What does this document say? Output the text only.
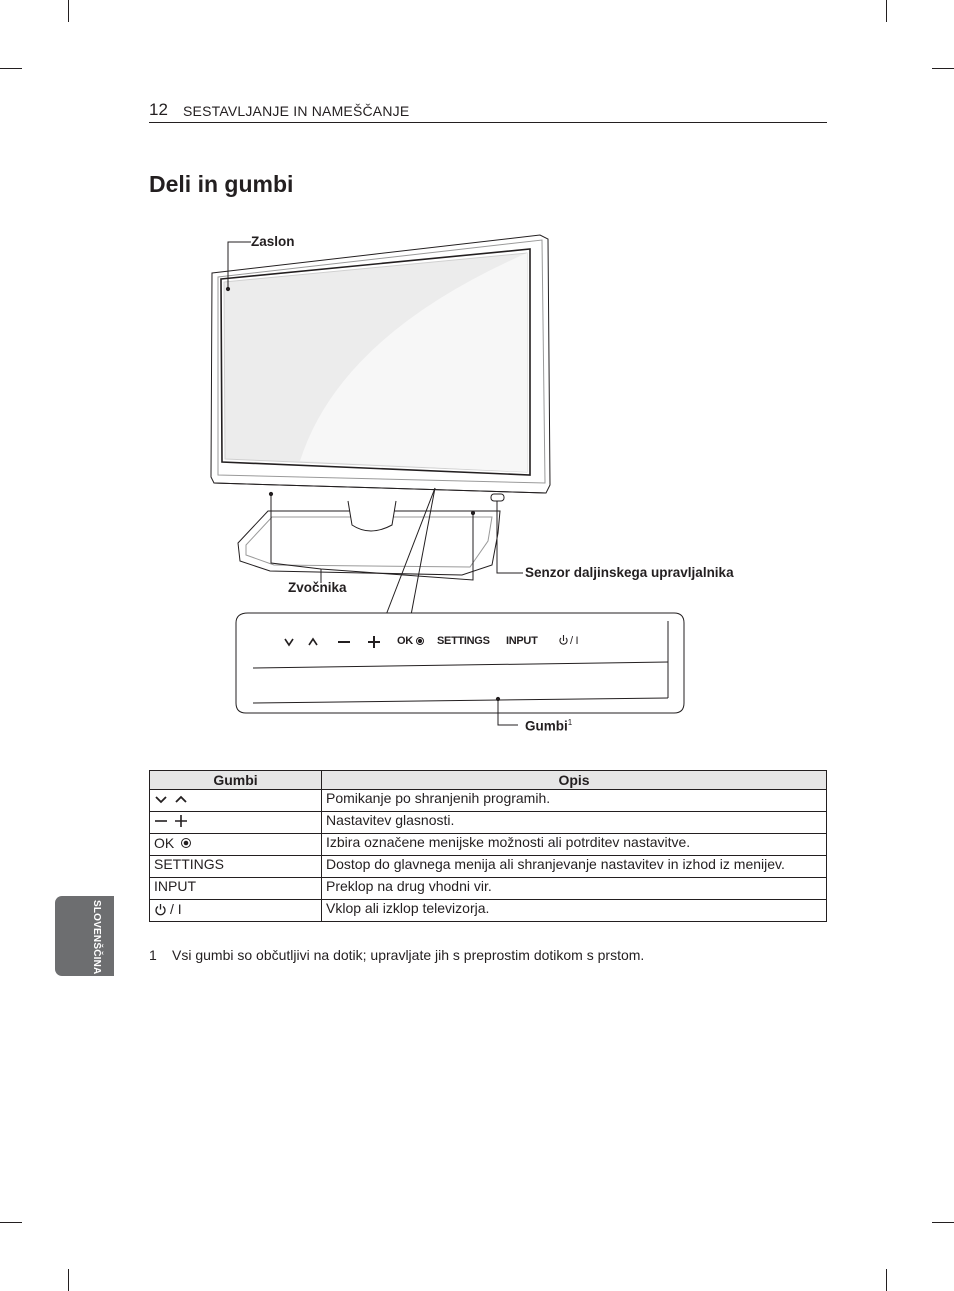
12 SESTAVLJANJE IN NAMEŠČANJE
Deli in gumbi
Zaslon
Zvočnika
Senzor daljinskega upravljalnika
Gumbi$^1$
OK SETTINGS INPUT	/ I
Gumbi	Opis

	Pomikanje po shranjenih programih.

	Nastavitev glasnosti.

OK	Izbira označene menijske možnosti ali potrditev nastavitve.
SETTINGS	Dostop do glavnega menija ali shranjevanje nastavitev in izhod iz menijev.
INPUT	Preklop na drug vhodni vir.

/ I	Vklop ali izklop televizorja.
1 Vsi gumbi so občutljivi na dotik; upravljate jih s preprostim dotikom s prstom.
SLOVENŠČINA
